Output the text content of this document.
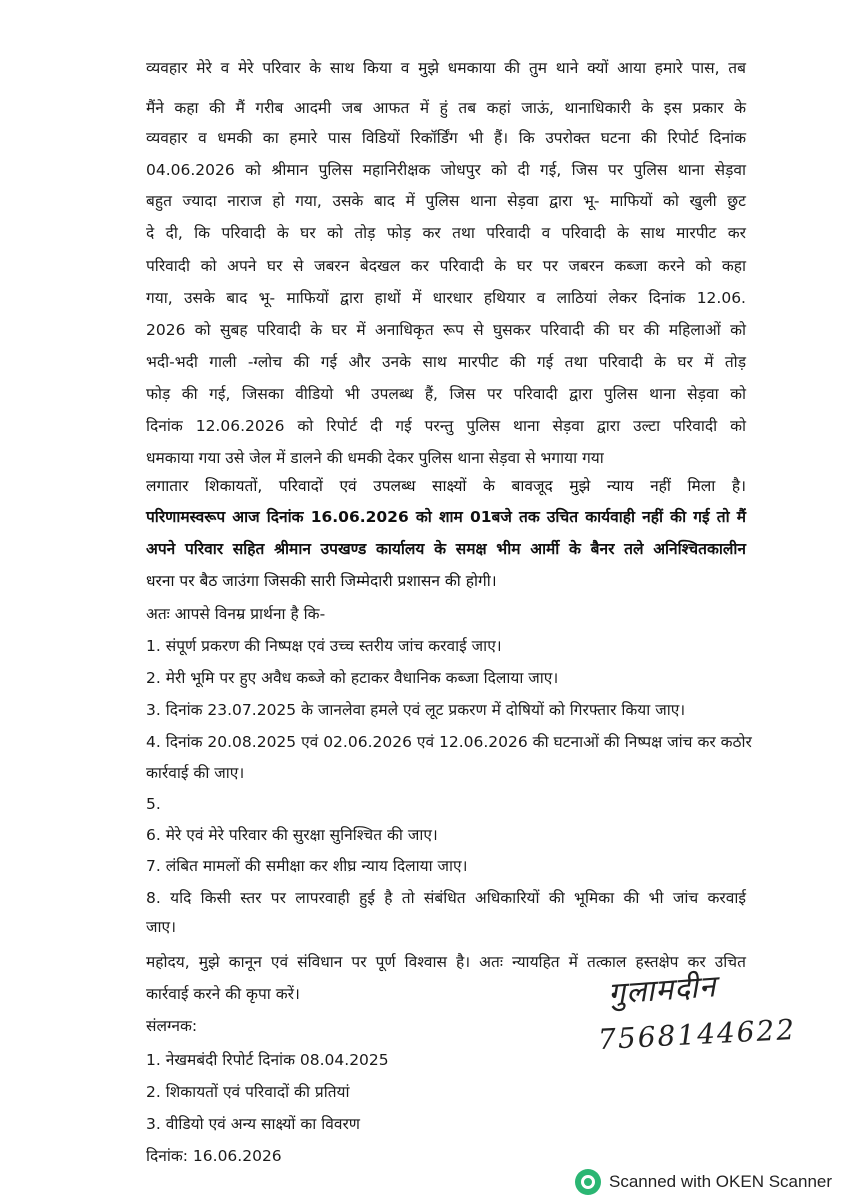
व्यवहार मेरे व मेरे परिवार के साथ किया व मुझे धमकाया की तुम थाने क्यों आया हमारे पास, तब
मैंने कहा की मैं गरीब आदमी जब आफत में हुं तब कहां जाऊं, थानाधिकारी के इस प्रकार के
व्यवहार व धमकी का हमारे पास विडियों रिकॉर्डिंग भी हैं। कि उपरोक्त घटना की रिपोर्ट दिनांक
04.06.2026 को श्रीमान पुलिस महानिरीक्षक जोधपुर को दी गई, जिस पर पुलिस थाना सेड़वा
बहुत ज्यादा नाराज हो गया, उसके बाद में पुलिस थाना सेड़वा द्वारा भू- माफियों को खुली छुट
दे दी, कि परिवादी के घर को तोड़ फोड़ कर तथा परिवादी व परिवादी के साथ मारपीट कर
परिवादी को अपने घर से जबरन बेदखल कर परिवादी के घर पर जबरन कब्जा करने को कहा
गया, उसके बाद भू- माफियों द्वारा हाथों में धारधार हथियार व लाठियां लेकर दिनांक 12.06.
2026 को सुबह परिवादी के घर में अनाधिकृत रूप से घुसकर परिवादी की घर की महिलाओं को
भदी-भदी गाली -ग्लोच की गई और उनके साथ मारपीट की गई तथा परिवादी के घर में तोड़
फोड़ की गई, जिसका वीडियो भी उपलब्ध हैं, जिस पर परिवादी द्वारा पुलिस थाना सेड़वा को
दिनांक 12.06.2026 को रिपोर्ट दी गई परन्तु पुलिस थाना सेड़वा द्वारा उल्टा परिवादी को
धमकाया गया उसे जेल में डालने की धमकी देकर पुलिस थाना सेड़वा से भगाया गया
लगातार शिकायतों, परिवादों एवं उपलब्ध साक्ष्यों के बावजूद मुझे न्याय नहीं मिला है।
परिणामस्वरूप आज दिनांक 16.06.2026 को शाम 01बजे तक उचित कार्यवाही नहीं की गई तो मैं
अपने परिवार सहित श्रीमान उपखण्ड कार्यालय के समक्ष भीम आर्मी के बैनर तले अनिश्चितकालीन
धरना पर बैठ जाउंगा जिसकी सारी जिम्मेदारी प्रशासन की होगी।
अतः आपसे विनम्र प्रार्थना है कि-
1. संपूर्ण प्रकरण की निष्पक्ष एवं उच्च स्तरीय जांच करवाई जाए।
2. मेरी भूमि पर हुए अवैध कब्जे को हटाकर वैधानिक कब्जा दिलाया जाए।
3. दिनांक 23.07.2025 के जानलेवा हमले एवं लूट प्रकरण में दोषियों को गिरफ्तार किया जाए।
4. दिनांक 20.08.2025 एवं 02.06.2026 एवं 12.06.2026 की घटनाओं की निष्पक्ष जांच कर कठोर
कार्रवाई की जाए।
5.
6. मेरे एवं मेरे परिवार की सुरक्षा सुनिश्चित की जाए।
7. लंबित मामलों की समीक्षा कर शीघ्र न्याय दिलाया जाए।
8. यदि किसी स्तर पर लापरवाही हुई है तो संबंधित अधिकारियों की भूमिका की भी जांच करवाई
जाए।
महोदय, मुझे कानून एवं संविधान पर पूर्ण विश्वास है। अतः न्यायहित में तत्काल हस्तक्षेप कर उचित
कार्रवाई करने की कृपा करें।
संलग्नक:
1. नेखमबंदी रिपोर्ट दिनांक 08.04.2025
2. शिकायतों एवं परिवादों की प्रतियां
3. वीडियो एवं अन्य साक्ष्यों का विवरण
दिनांक: 16.06.2026
गुलामदीन
7568144622
Scanned with OKEN Scanner
